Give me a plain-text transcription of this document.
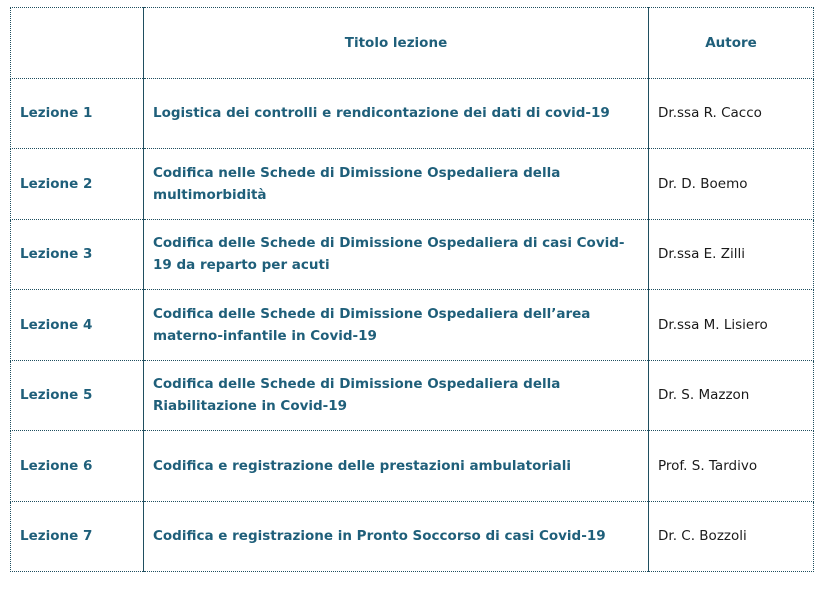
	Titolo lezione	Autore
Lezione 1	Logistica dei controlli e rendicontazione dei dati di covid-19	Dr.ssa R. Cacco
Lezione 2	Codifica nelle Schede di Dimissione Ospedaliera della multimorbidità	Dr. D. Boemo
Lezione 3	Codifica delle Schede di Dimissione Ospedaliera di casi Covid-19 da reparto per acuti	Dr.ssa E. Zilli
Lezione 4	Codifica delle Schede di Dimissione Ospedaliera dell’area materno-infantile in Covid-19	Dr.ssa M. Lisiero
Lezione 5	Codifica delle Schede di Dimissione Ospedaliera della Riabilitazione in Covid-19	Dr. S. Mazzon
Lezione 6	Codifica e registrazione delle prestazioni ambulatoriali	Prof. S. Tardivo
Lezione 7	Codifica e registrazione in Pronto Soccorso di casi Covid-19	Dr. C. Bozzoli
